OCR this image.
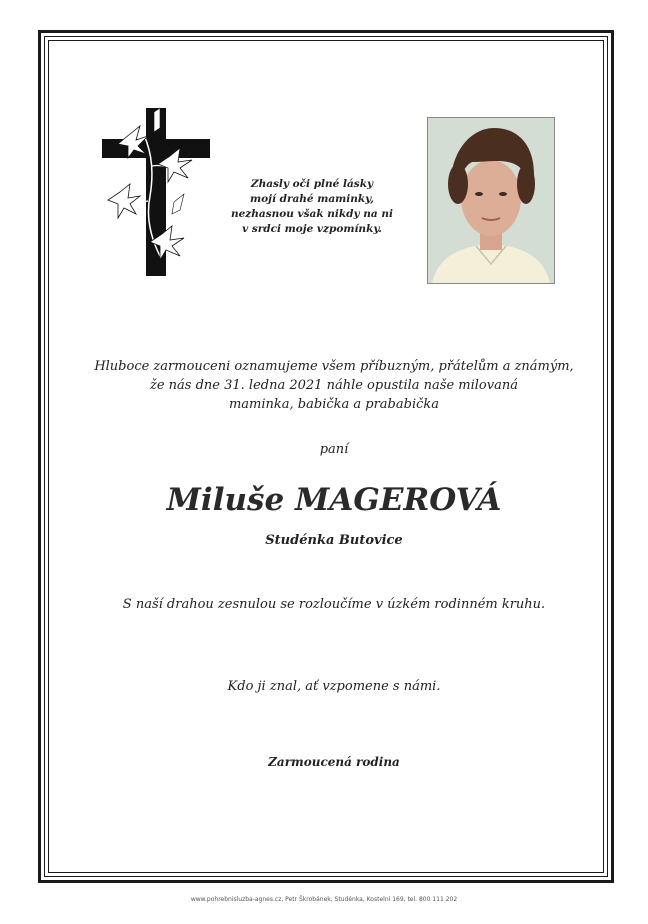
Zhasly oči plné lásky
mojí drahé maminky,
nezhasnou však nikdy na ni
v srdci moje vzpomínky.
Hluboce zarmouceni oznamujeme všem příbuzným, přátelům a známým,
že nás dne 31. ledna 2021 náhle opustila naše milovaná
maminka, babička a prababička
paní
Miluše MAGEROVÁ
Studénka Butovice
S naší drahou zesnulou se rozloučíme v úzkém rodinném kruhu.
Kdo ji znal, ať vzpomene s námi.
Zarmoucená rodina
www.pohrebnisluzba-agnes.cz, Petr Škrobánek, Studénka, Kostelní 169, tel. 800 111 202
